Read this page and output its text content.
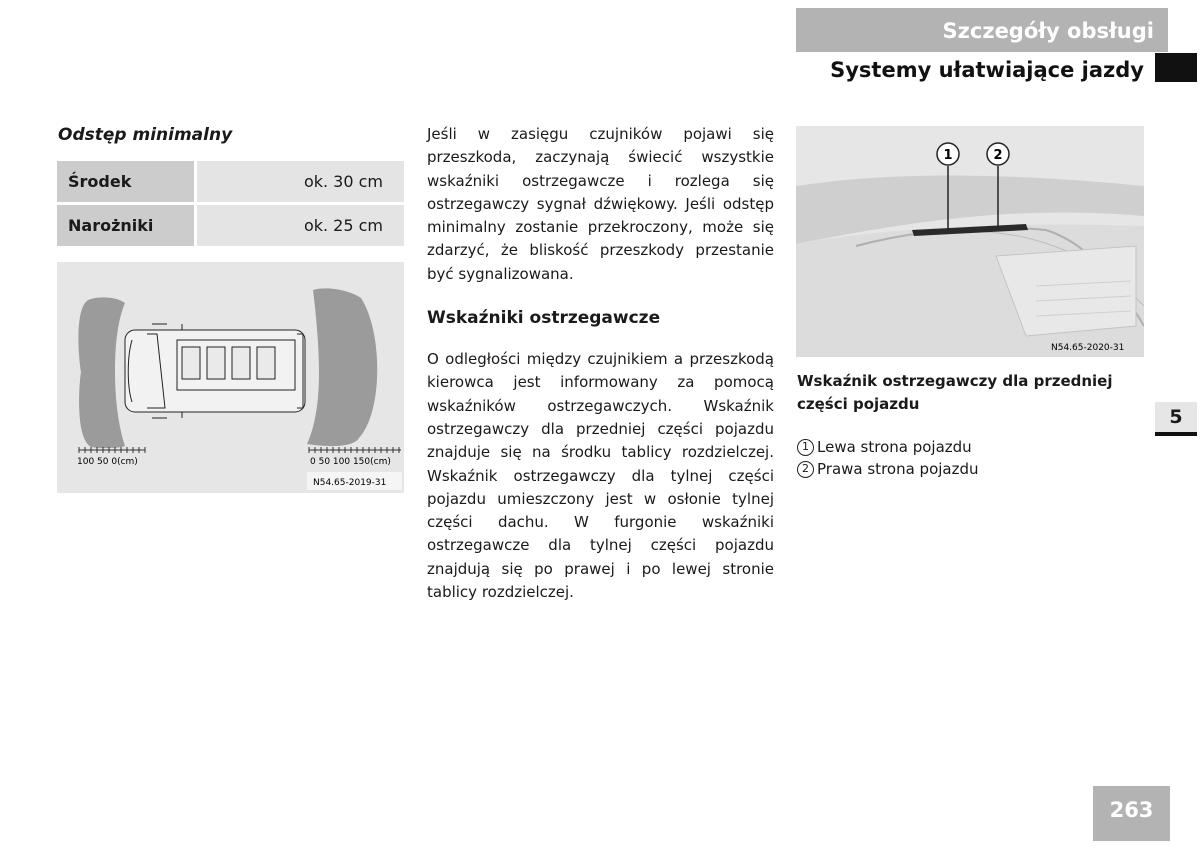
Szczegóły obsługi
Systemy ułatwiające jazdy
Odstęp minimalny
Środek	ok. 30 cm
Narożniki	ok. 25 cm
100 50 0(cm)	0 50 100 150(cm)
N54.65-2019-31
Jeśli w zasięgu czujników pojawi się przeszkoda, zaczynają świecić wszystkie wskaźniki ostrzegawcze i rozlega się ostrzegawczy sygnał dźwiękowy. Jeśli odstęp minimalny zostanie przekroczony, może się zdarzyć, że bliskość przeszkody przestanie być sygnalizowana.
Wskaźniki ostrzegawcze
O odległości między czujnikiem a przeszkodą kierowca jest informowany za pomocą wskaźników ostrzegawczych. Wskaźnik ostrzegawczy dla przedniej części pojazdu znajduje się na środku tablicy rozdzielczej. Wskaźnik ostrzegawczy dla tylnej części pojazdu umieszczony jest w osłonie tylnej części dachu. W furgonie wskaźniki ostrzegawcze dla tylnej części pojazdu znajdują się po prawej i po lewej stronie tablicy rozdzielczej.
1	2
N54.65-2020-31
Wskaźnik ostrzegawczy dla przedniej części pojazdu
1 Lewa strona pojazdu
2 Prawa strona pojazdu
5
263
